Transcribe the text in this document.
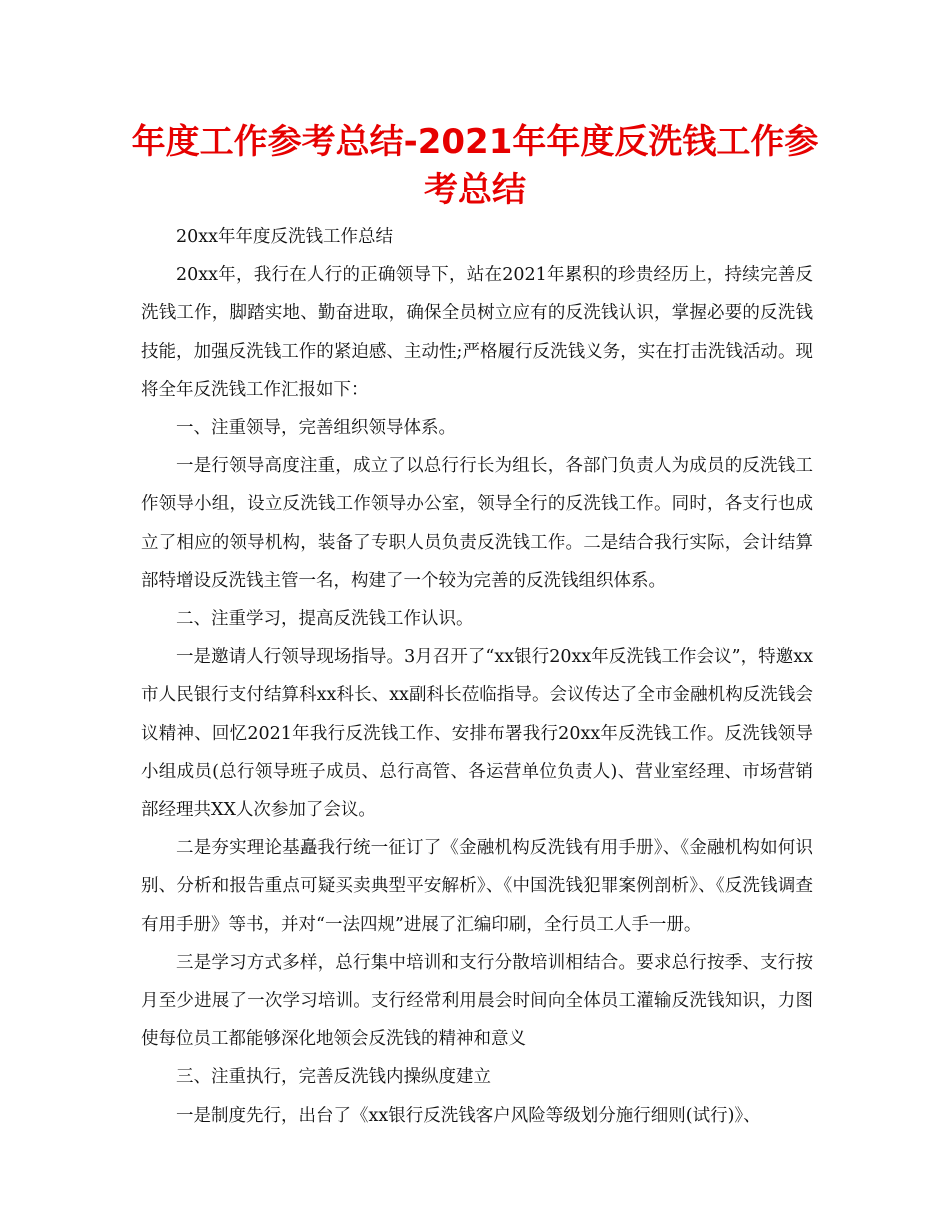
年度工作参考总结-2021年年度反洗钱工作参考总结

20xx年年度反洗钱工作总结

20xx年，我行在人行的正确领导下，站在2021年累积的珍贵经历上，持续完善反洗钱工作，脚踏实地、勤奋进取，确保全员树立应有的反洗钱认识，掌握必要的反洗钱技能，加强反洗钱工作的紧迫感、主动性;严格履行反洗钱义务，实在打击洗钱活动。现将全年反洗钱工作汇报如下：

一、注重领导，完善组织领导体系。

一是行领导高度注重，成立了以总行行长为组长，各部门负责人为成员的反洗钱工作领导小组，设立反洗钱工作领导办公室，领导全行的反洗钱工作。同时，各支行也成立了相应的领导机构，装备了专职人员负责反洗钱工作。二是结合我行实际，会计结算部特增设反洗钱主管一名，构建了一个较为完善的反洗钱组织体系。

二、注重学习，提高反洗钱工作认识。

一是邀请人行领导现场指导。3月召开了“xx银行20xx年反洗钱工作会议”，特邀xx市人民银行支付结算科xx科长、xx副科长莅临指导。会议传达了全市金融机构反洗钱会议精神、回忆2021年我行反洗钱工作、安排布署我行20xx年反洗钱工作。反洗钱领导小组成员(总行领导班子成员、总行高管、各运营单位负责人)、营业室经理、市场营销部经理共XX人次参加了会议。

二是夯实理论基矗我行统一征订了《金融机构反洗钱有用手册》、《金融机构如何识别、分析和报告重点可疑买卖典型平安解析》、《中国洗钱犯罪案例剖析》、《反洗钱调查有用手册》等书，并对“一法四规”进展了汇编印刷，全行员工人手一册。

三是学习方式多样，总行集中培训和支行分散培训相结合。要求总行按季、支行按月至少进展了一次学习培训。支行经常利用晨会时间向全体员工灌输反洗钱知识，力图使每位员工都能够深化地领会反洗钱的精神和意义

三、注重执行，完善反洗钱内操纵度建立

一是制度先行，出台了《xx银行反洗钱客户风险等级划分施行细则(试行)》、
